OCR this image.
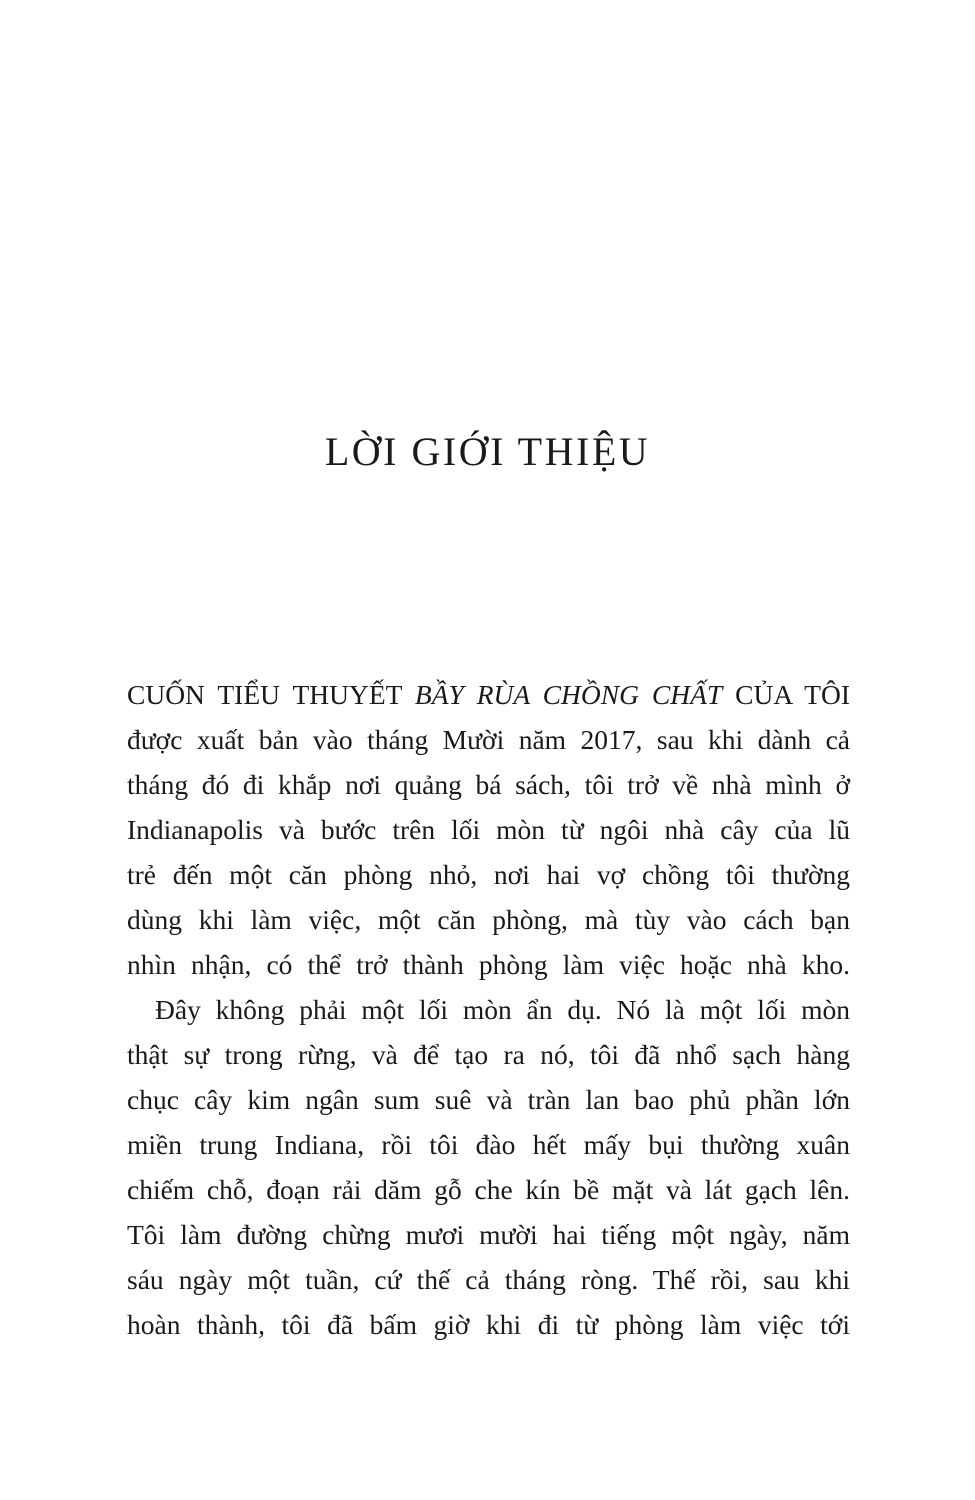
LỜI GIỚI THIỆU
CUỐN TIỂU THUYẾT BẦY RÙA CHỒNG CHẤT CỦA TÔI
được xuất bản vào tháng Mười năm 2017, sau khi dành cả
tháng đó đi khắp nơi quảng bá sách, tôi trở về nhà mình ở
Indianapolis và bước trên lối mòn từ ngôi nhà cây của lũ
trẻ đến một căn phòng nhỏ, nơi hai vợ chồng tôi thường
dùng khi làm việc, một căn phòng, mà tùy vào cách bạn
nhìn nhận, có thể trở thành phòng làm việc hoặc nhà kho.
Đây không phải một lối mòn ẩn dụ. Nó là một lối mòn
thật sự trong rừng, và để tạo ra nó, tôi đã nhổ sạch hàng
chục cây kim ngân sum suê và tràn lan bao phủ phần lớn
miền trung Indiana, rồi tôi đào hết mấy bụi thường xuân
chiếm chỗ, đoạn rải dăm gỗ che kín bề mặt và lát gạch lên.
Tôi làm đường chừng mươi mười hai tiếng một ngày, năm
sáu ngày một tuần, cứ thế cả tháng ròng. Thế rồi, sau khi
hoàn thành, tôi đã bấm giờ khi đi từ phòng làm việc tới
